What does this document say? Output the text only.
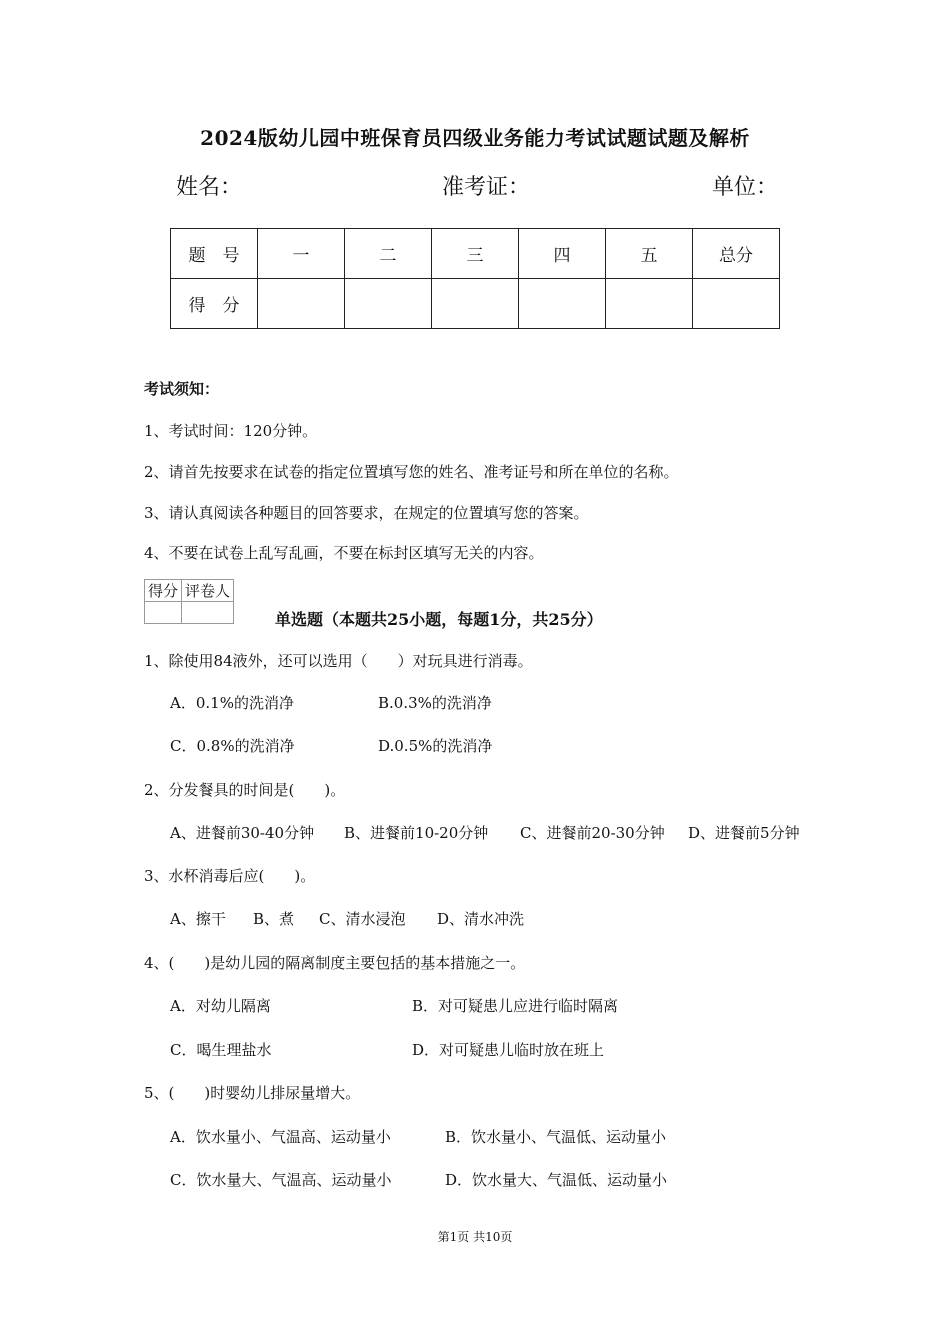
2024版幼儿园中班保育员四级业务能力考试试题试题及解析
姓名：	准考证：	单位：
题　号	一	二	三	四	五	总分
得　分						
考试须知：
1、考试时间：120分钟。
2、请首先按要求在试卷的指定位置填写您的姓名、准考证号和所在单位的名称。
3、请认真阅读各种题目的回答要求，在规定的位置填写您的答案。
4、不要在试卷上乱写乱画，不要在标封区填写无关的内容。
得分	评卷人

单选题（本题共25小题，每题1分，共25分）
1、除使用84液外，还可以选用（　　）对玩具进行消毒。
A．0.1%的洗消净	B.0.3%的洗消净
C．0.8%的洗消净	D.0.5%的洗消净
2、分发餐具的时间是(　　)。
A、进餐前30-40分钟 B、进餐前10-20分钟 C、进餐前20-30分钟 D、进餐前5分钟
3、水杯消毒后应(　　)。
A、擦干 B、煮 C、清水浸泡 D、清水冲洗
4、(　　)是幼儿园的隔离制度主要包括的基本措施之一。
A．对幼儿隔离	B．对可疑患儿应进行临时隔离
C．喝生理盐水	D．对可疑患儿临时放在班上
5、(　　)时婴幼儿排尿量增大。
A．饮水量小、气温高、运动量小	B．饮水量小、气温低、运动量小
C．饮水量大、气温高、运动量小	D．饮水量大、气温低、运动量小
第1页 共10页
